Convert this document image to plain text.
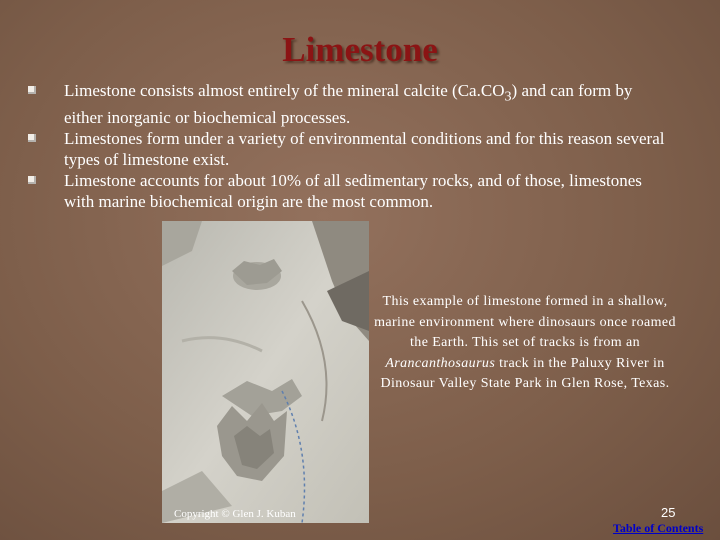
Limestone
Limestone consists almost entirely of the mineral calcite $(Ca.CO_3)$ and can form by either inorganic or biochemical processes.
Limestones form under a variety of environmental conditions and for this reason several types of limestone exist.
Limestone accounts for about 10% of all sedimentary rocks, and of those, limestones with marine biochemical origin are the most common.
This example of limestone formed in a shallow, marine environment where dinosaurs once roamed the Earth. This set of tracks is from an Arancanthosaurus track in the Paluxy River in Dinosaur Valley State Park in Glen Rose, Texas.
Copyright © Glen J. Kuban	25
Table of Contents
